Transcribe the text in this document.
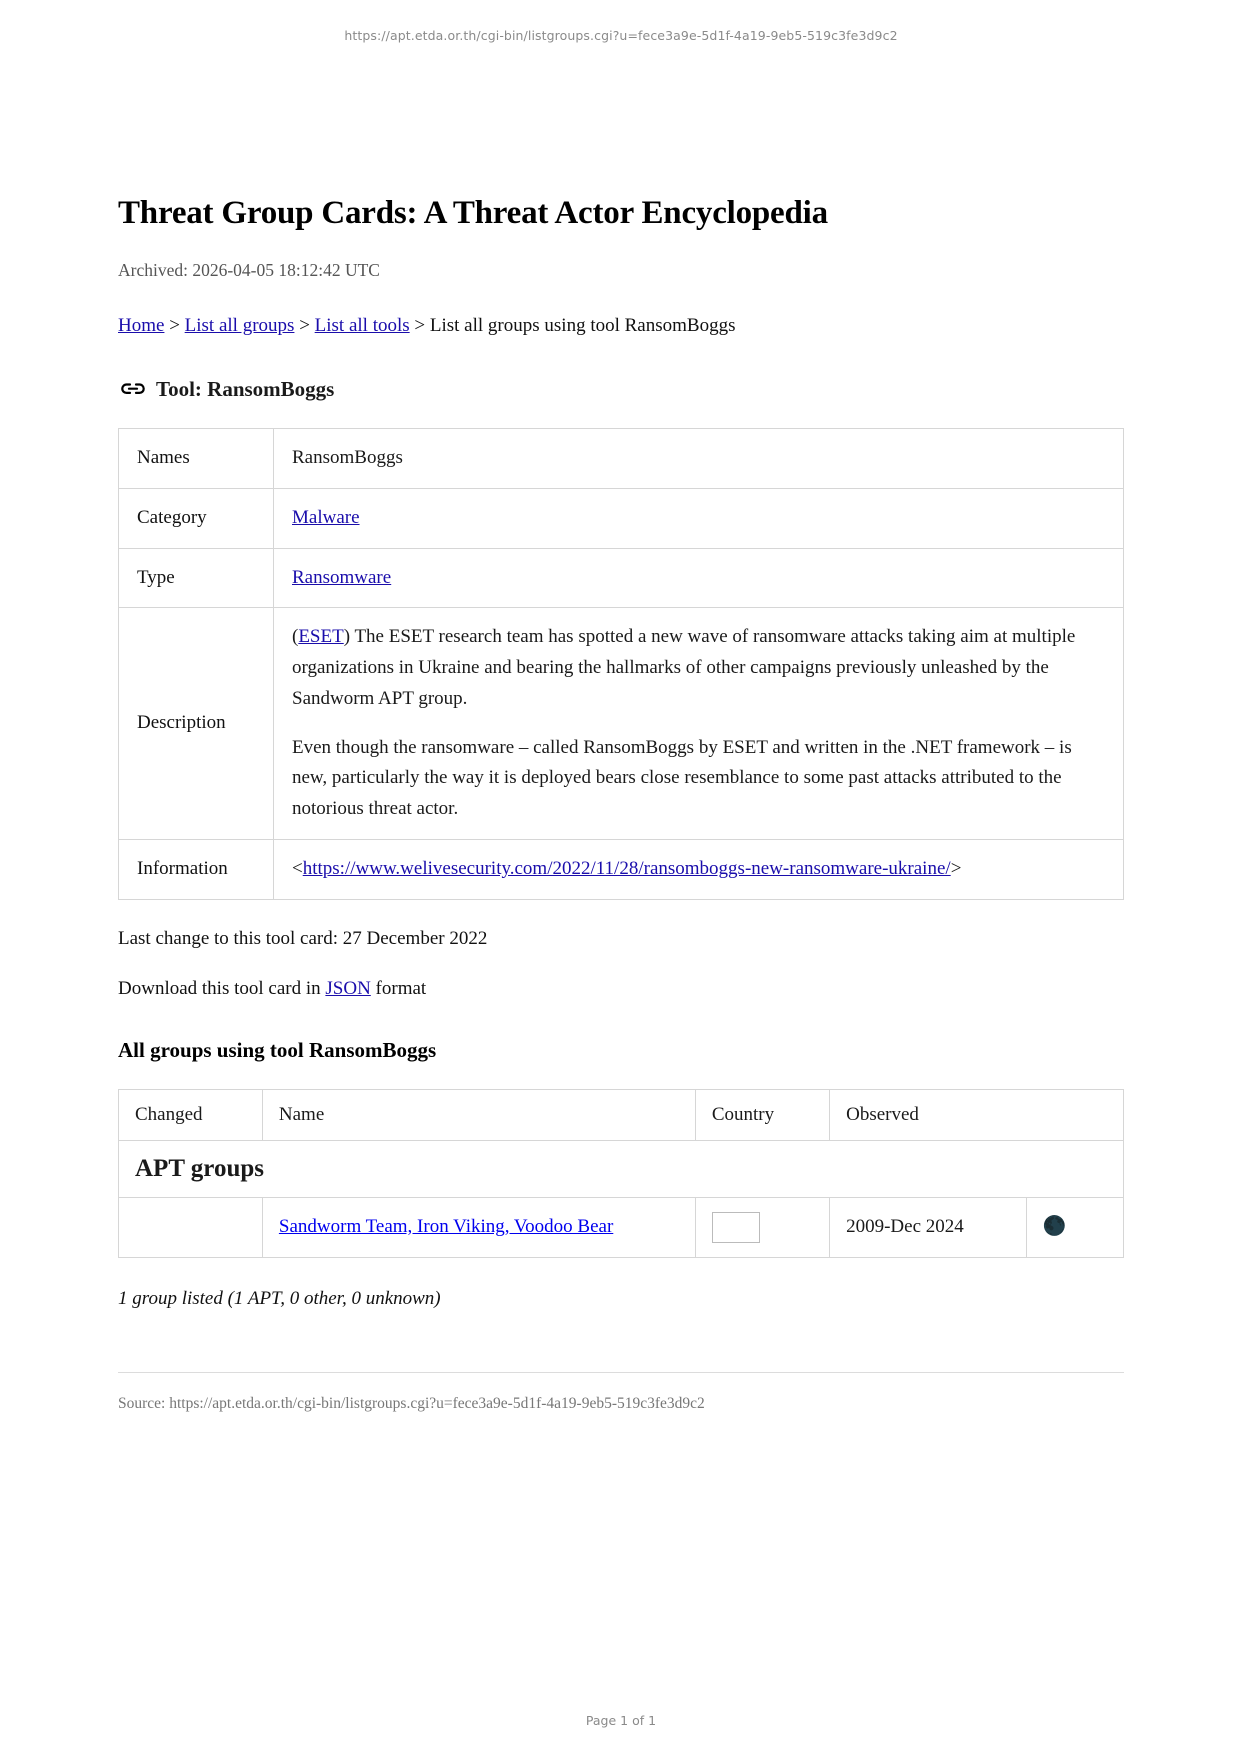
https://apt.etda.or.th/cgi-bin/listgroups.cgi?u=fece3a9e-5d1f-4a19-9eb5-519c3fe3d9c2
Threat Group Cards: A Threat Actor Encyclopedia
Archived: 2026-04-05 18:12:42 UTC
Home > List all groups > List all tools > List all groups using tool RansomBoggs
Tool: RansomBoggs
Names	RansomBoggs
Category	Malware
Type	Ransomware
Description	(ESET) The ESET research team has spotted a new wave of ransomware attacks taking aim at multiple organizations in Ukraine and bearing the hallmarks of other campaigns previously unleashed by the Sandworm APT group.

Even though the ransomware – called RansomBoggs by ESET and written in the .NET framework – is new, particularly the way it is deployed bears close resemblance to some past attacks attributed to the notorious threat actor.

Information	<https://www.welivesecurity.com/2022/11/28/ransomboggs-new-ransomware-ukraine/>
Last change to this tool card: 27 December 2022
Download this tool card in JSON format
All groups using tool RansomBoggs
Changed	Name	Country	Observed	
APT groups				
	Sandworm Team, Iron Viking, Voodoo Bear		2009-Dec 2024	🌑
1 group listed (1 APT, 0 other, 0 unknown)
Source: https://apt.etda.or.th/cgi-bin/listgroups.cgi?u=fece3a9e-5d1f-4a19-9eb5-519c3fe3d9c2
Page 1 of 1
